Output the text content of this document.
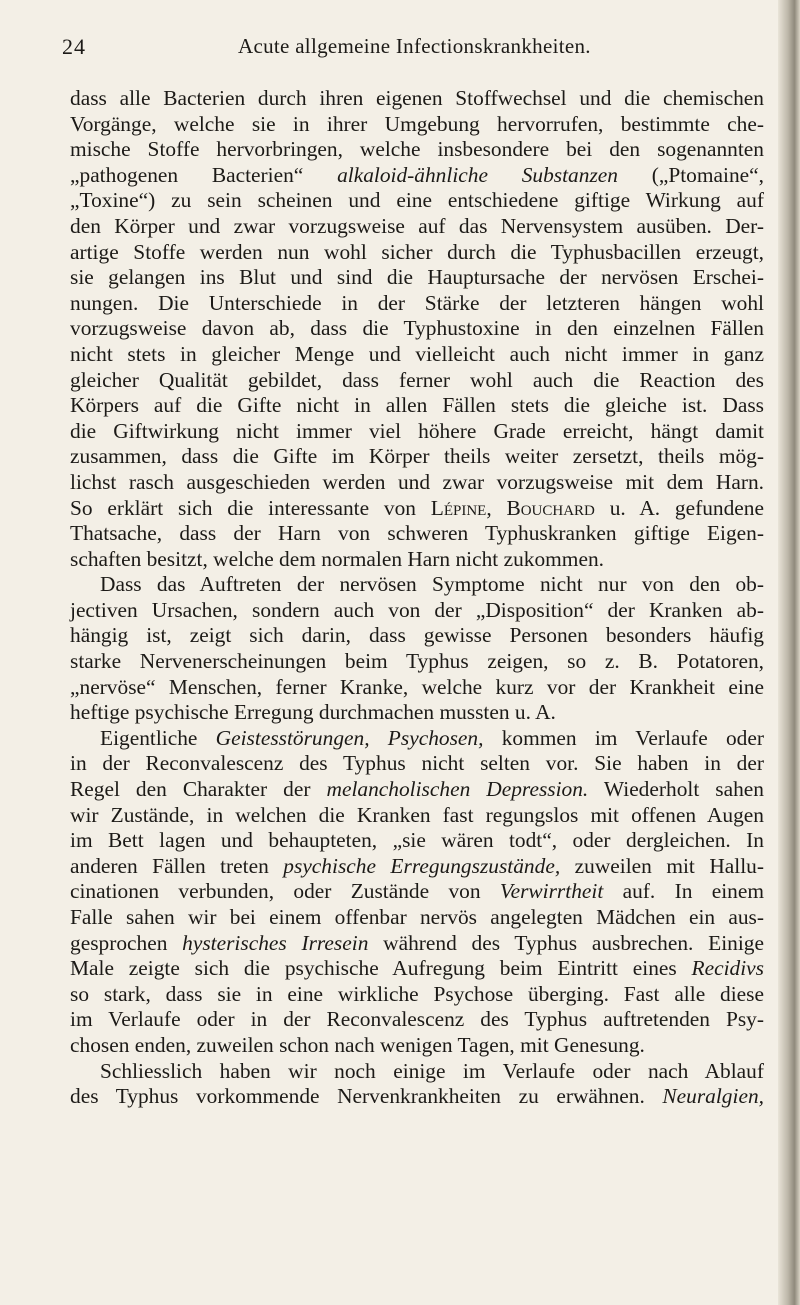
24	Acute allgemeine Infectionskrankheiten.
dass alle Bacterien durch ihren eigenen Stoffwechsel und die chemischen
Vorgänge, welche sie in ihrer Umgebung hervorrufen, bestimmte che-
mische Stoffe hervorbringen, welche insbesondere bei den sogenannten
„pathogenen Bacterien“ alkaloid-ähnliche Substanzen („Ptomaine“,
„Toxine“) zu sein scheinen und eine entschiedene giftige Wirkung auf
den Körper und zwar vorzugsweise auf das Nervensystem ausüben. Der-
artige Stoffe werden nun wohl sicher durch die Typhusbacillen erzeugt,
sie gelangen ins Blut und sind die Hauptursache der nervösen Erschei-
nungen. Die Unterschiede in der Stärke der letzteren hängen wohl
vorzugsweise davon ab, dass die Typhustoxine in den einzelnen Fällen
nicht stets in gleicher Menge und vielleicht auch nicht immer in ganz
gleicher Qualität gebildet, dass ferner wohl auch die Reaction des
Körpers auf die Gifte nicht in allen Fällen stets die gleiche ist. Dass
die Giftwirkung nicht immer viel höhere Grade erreicht, hängt damit
zusammen, dass die Gifte im Körper theils weiter zersetzt, theils mög-
lichst rasch ausgeschieden werden und zwar vorzugsweise mit dem Harn.
So erklärt sich die interessante von Lépine, Bouchard u. A. gefundene
Thatsache, dass der Harn von schweren Typhuskranken giftige Eigen-
schaften besitzt, welche dem normalen Harn nicht zukommen.
Dass das Auftreten der nervösen Symptome nicht nur von den ob-
jectiven Ursachen, sondern auch von der „Disposition“ der Kranken ab-
hängig ist, zeigt sich darin, dass gewisse Personen besonders häufig
starke Nervenerscheinungen beim Typhus zeigen, so z. B. Potatoren,
„nervöse“ Menschen, ferner Kranke, welche kurz vor der Krankheit eine
heftige psychische Erregung durchmachen mussten u. A.
Eigentliche Geistesstörungen, Psychosen, kommen im Verlaufe oder
in der Reconvalescenz des Typhus nicht selten vor. Sie haben in der
Regel den Charakter der melancholischen Depression. Wiederholt sahen
wir Zustände, in welchen die Kranken fast regungslos mit offenen Augen
im Bett lagen und behaupteten, „sie wären todt“, oder dergleichen. In
anderen Fällen treten psychische Erregungszustände, zuweilen mit Hallu-
cinationen verbunden, oder Zustände von Verwirrtheit auf. In einem
Falle sahen wir bei einem offenbar nervös angelegten Mädchen ein aus-
gesprochen hysterisches Irresein während des Typhus ausbrechen. Einige
Male zeigte sich die psychische Aufregung beim Eintritt eines Recidivs
so stark, dass sie in eine wirkliche Psychose überging. Fast alle diese
im Verlaufe oder in der Reconvalescenz des Typhus auftretenden Psy-
chosen enden, zuweilen schon nach wenigen Tagen, mit Genesung.
Schliesslich haben wir noch einige im Verlaufe oder nach Ablauf
des Typhus vorkommende Nervenkrankheiten zu erwähnen. Neuralgien,
